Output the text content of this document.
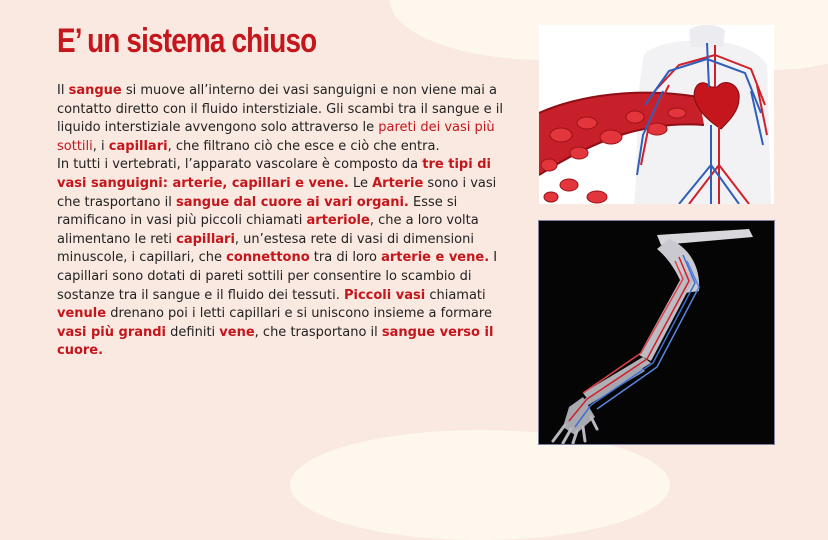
E’ un sistema chiuso

Il sangue si muove all’interno dei vasi sanguigni e non viene mai a contatto diretto con il fluido interstiziale. Gli scambi tra il sangue e il liquido interstiziale avvengono solo attraverso le pareti dei vasi più sottili, i capillari, che filtrano ciò che esce e ciò che entra.

In tutti i vertebrati, l’apparato vascolare è composto da tre tipi di vasi sanguigni: arterie, capillari e vene. Le Arterie sono i vasi che trasportano il sangue dal cuore ai vari organi. Esse si ramificano in vasi più piccoli chiamati arteriole, che a loro volta alimentano le reti capillari, un’estesa rete di vasi di dimensioni minuscole, i capillari, che connettono tra di loro arterie e vene. I capillari sono dotati di pareti sottili per consentire lo scambio di sostanze tra il sangue e il fluido dei tessuti. Piccoli vasi chiamati venule drenano poi i letti capillari e si uniscono insieme a formare vasi più grandi definiti vene, che trasportano il sangue verso il cuore.
